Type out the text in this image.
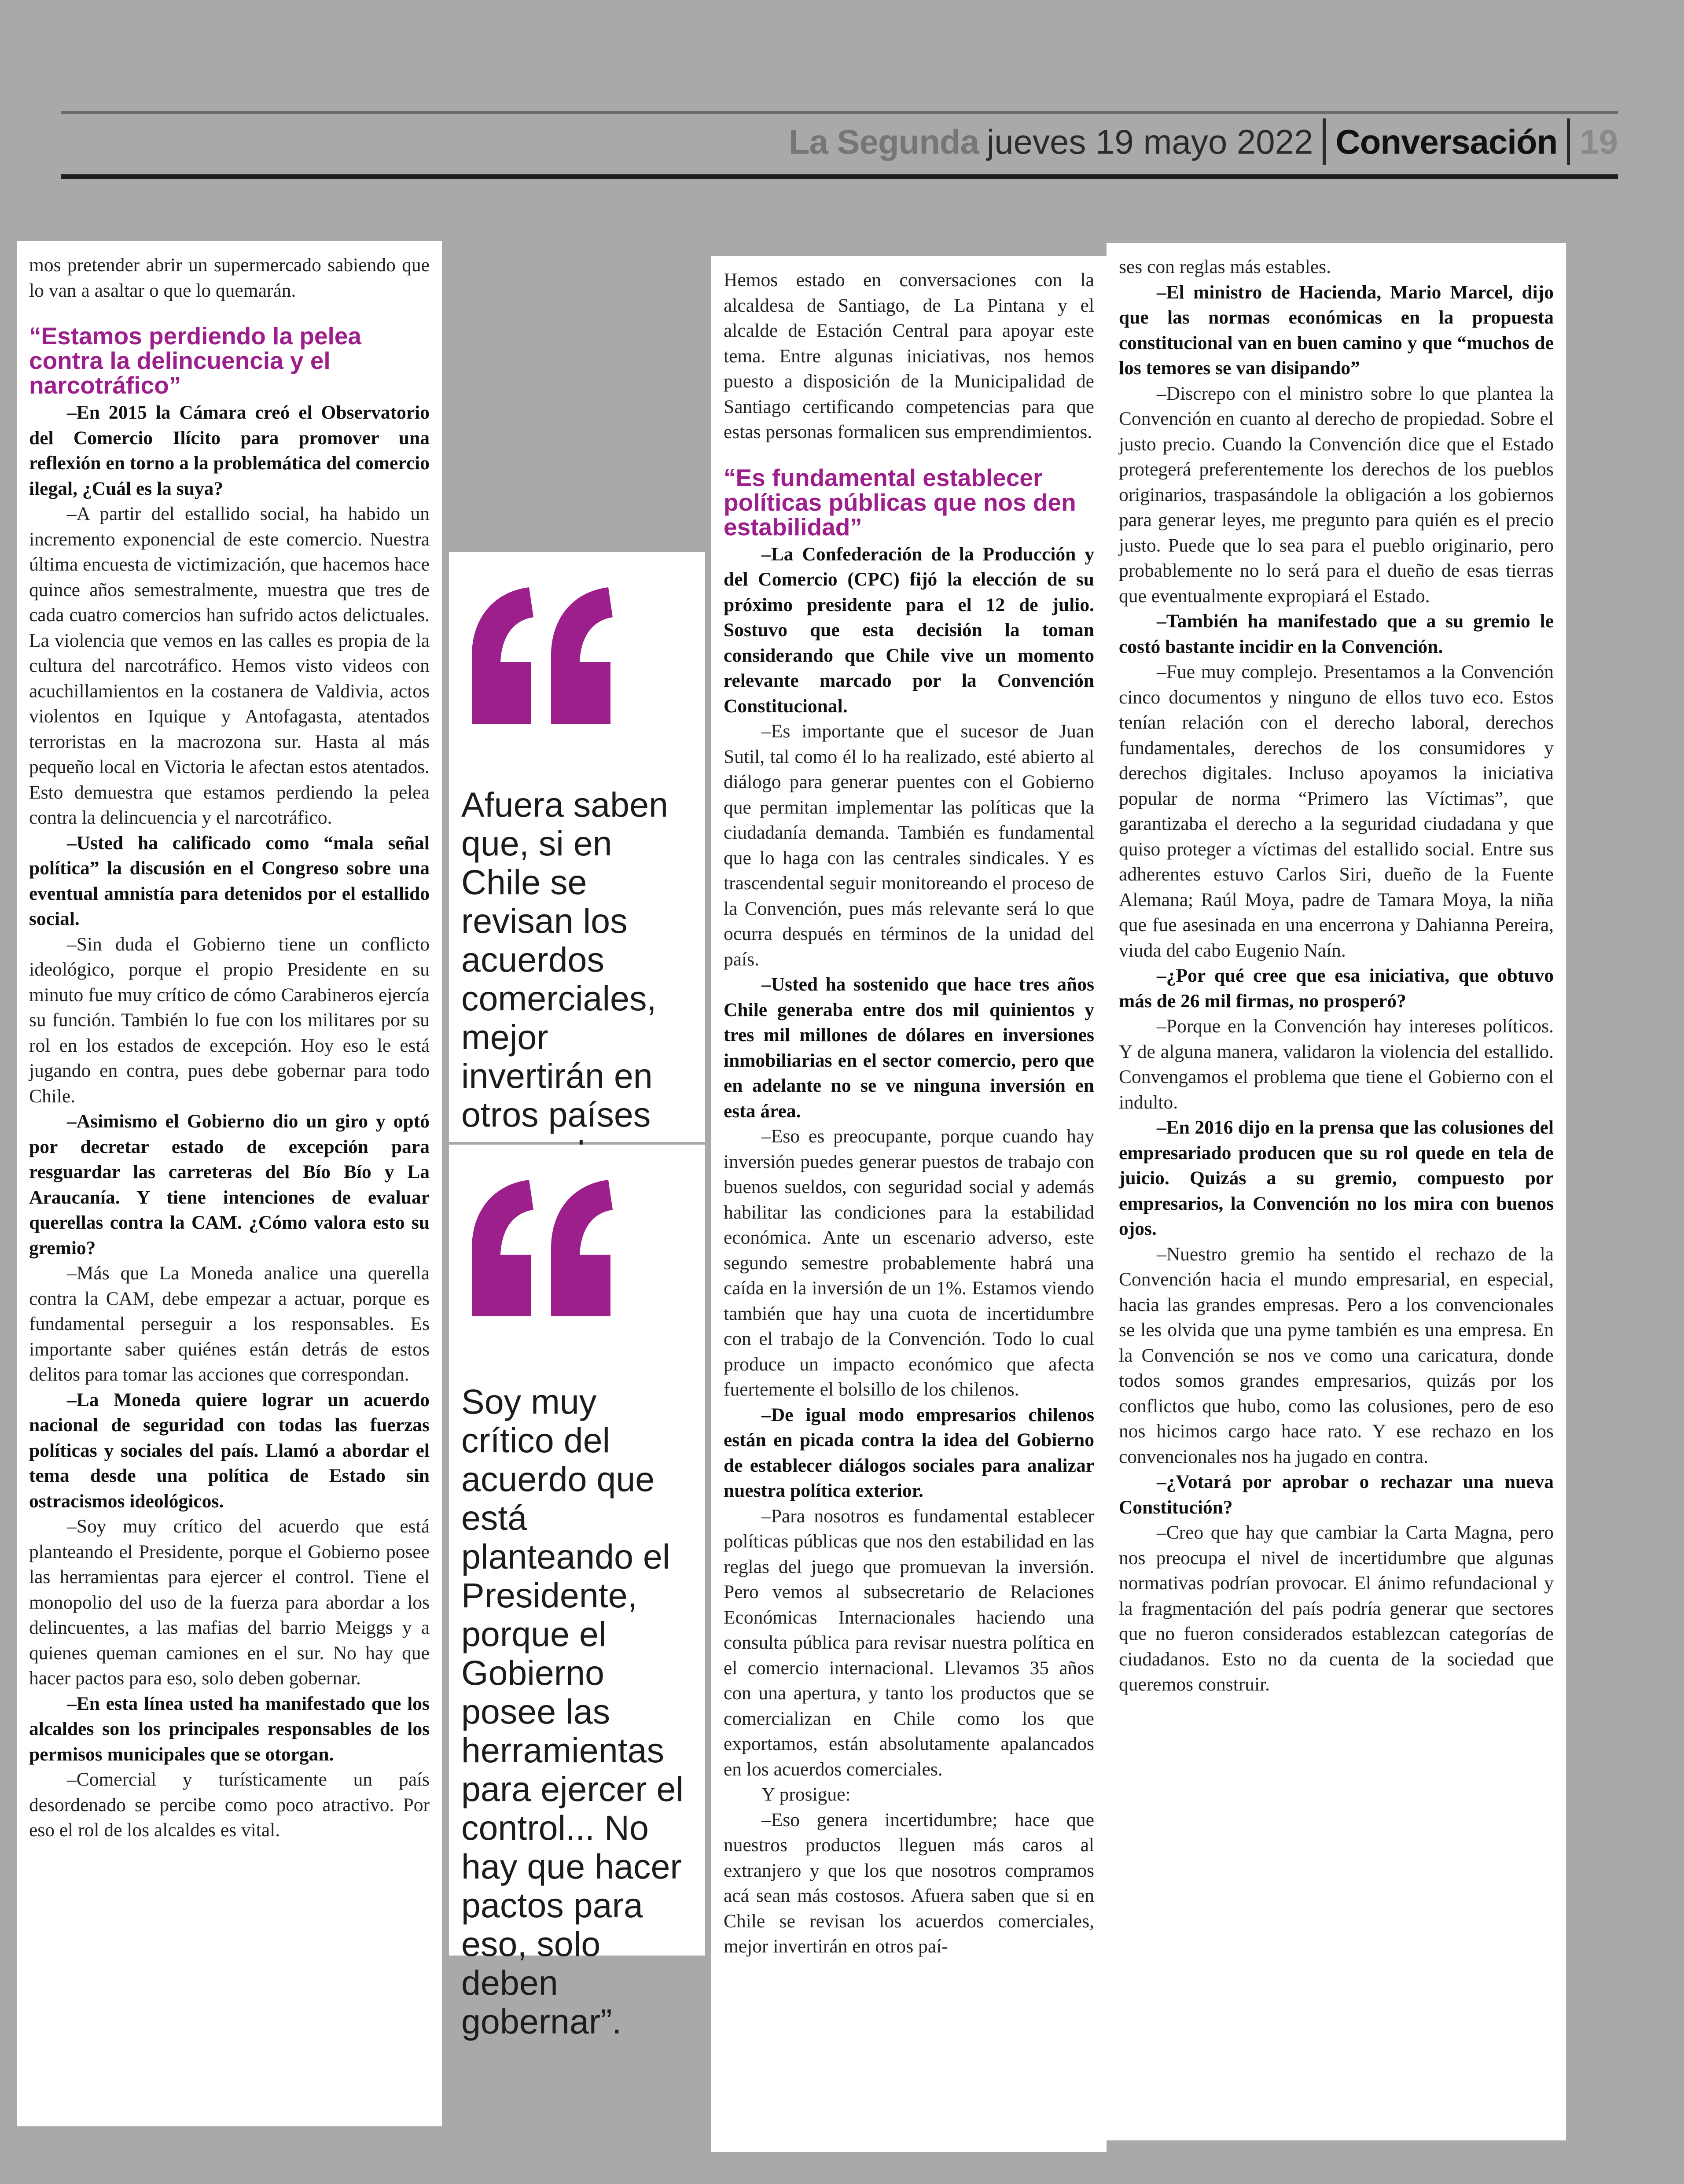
La Segunda jueves 19 mayo 2022 Conversación 19

mos pretender abrir un supermercado sabiendo que lo van a asaltar o que lo quemarán.

“Estamos perdiendo la pelea contra la delincuencia y el narcotráfico”

–En 2015 la Cámara creó el Observatorio del Comercio Ilícito para promover una reflexión en torno a la problemática del comercio ilegal, ¿Cuál es la suya?

–A partir del estallido social, ha habido un incremento exponencial de este comercio. Nuestra última encuesta de victimización, que hacemos hace quince años semestralmente, muestra que tres de cada cuatro comercios han sufrido actos delictuales. La violencia que vemos en las calles es propia de la cultura del narcotráfico. Hemos visto videos con acuchillamientos en la costanera de Valdivia, actos violentos en Iquique y Antofagasta, atentados terroristas en la macrozona sur. Hasta al más pequeño local en Victoria le afectan estos atentados. Esto demuestra que estamos perdiendo la pelea contra la delincuencia y el narcotráfico.

–Usted ha calificado como “mala señal política” la discusión en el Congreso sobre una eventual amnistía para detenidos por el estallido social.

–Sin duda el Gobierno tiene un conflicto ideológico, porque el propio Presidente en su minuto fue muy crítico de cómo Carabineros ejercía su función. También lo fue con los militares por su rol en los estados de excepción. Hoy eso le está jugando en contra, pues debe gobernar para todo Chile.

–Asimismo el Gobierno dio un giro y optó por decretar estado de excepción para resguardar las carreteras del Bío Bío y La Araucanía. Y tiene intenciones de evaluar querellas contra la CAM. ¿Cómo valora esto su gremio?

–Más que La Moneda analice una querella contra la CAM, debe empezar a actuar, porque es fundamental perseguir a los responsables. Es importante saber quiénes están detrás de estos delitos para tomar las acciones que correspondan.

–La Moneda quiere lograr un acuerdo nacional de seguridad con todas las fuerzas políticas y sociales del país. Llamó a abordar el tema desde una política de Estado sin ostracismos ideológicos.

–Soy muy crítico del acuerdo que está planteando el Presidente, porque el Gobierno posee las herramientas para ejercer el control. Tiene el monopolio del uso de la fuerza para abordar a los delincuentes, a las mafias del barrio Meiggs y a quienes queman camiones en el sur. No hay que hacer pactos para eso, solo deben gobernar.

–En esta línea usted ha manifestado que los alcaldes son los principales responsables de los permisos municipales que se otorgan.

–Comercial y turísticamente un país desordenado se percibe como poco atractivo. Por eso el rol de los alcaldes es vital.

Afuera saben que, si en Chile se revisan los acuerdos comerciales, mejor invertirán en otros países

Soy muy crítico del acuerdo que está planteando el Presidente, porque el Gobierno posee las herramientas para ejercer el control... No hay que hacer pactos para eso, solo deben gobernar”.

Hemos estado en conversaciones con la alcaldesa de Santiago, de La Pintana y el alcalde de Estación Central para apoyar este tema. Entre algunas iniciativas, nos hemos puesto a disposición de la Municipalidad de Santiago certificando competencias para que estas personas formalicen sus emprendimientos.

“Es fundamental establecer políticas públicas que nos den estabilidad”

–La Confederación de la Producción y del Comercio (CPC) fijó la elección de su próximo presidente para el 12 de julio. Sostuvo que esta decisión la toman considerando que Chile vive un momento relevante marcado por la Convención Constitucional.

–Es importante que el sucesor de Juan Sutil, tal como él lo ha realizado, esté abierto al diálogo para generar puentes con el Gobierno que permitan implementar las políticas que la ciudadanía demanda. También es fundamental que lo haga con las centrales sindicales. Y es trascendental seguir monitoreando el proceso de la Convención, pues más relevante será lo que ocurra después en términos de la unidad del país.

–Usted ha sostenido que hace tres años Chile generaba entre dos mil quinientos y tres mil millones de dólares en inversiones inmobiliarias en el sector comercio, pero que en adelante no se ve ninguna inversión en esta área.

–Eso es preocupante, porque cuando hay inversión puedes generar puestos de trabajo con buenos sueldos, con seguridad social y además habilitar las condiciones para la estabilidad económica. Ante un escenario adverso, este segundo semestre probablemente habrá una caída en la inversión de un 1%. Estamos viendo también que hay una cuota de incertidumbre con el trabajo de la Convención. Todo lo cual produce un impacto económico que afecta fuertemente el bolsillo de los chilenos.

–De igual modo empresarios chilenos están en picada contra la idea del Gobierno de establecer diálogos sociales para analizar nuestra política exterior.

–Para nosotros es fundamental establecer políticas públicas que nos den estabilidad en las reglas del juego que promuevan la inversión. Pero vemos al subsecretario de Relaciones Económicas Internacionales haciendo una consulta pública para revisar nuestra política en el comercio internacional. Llevamos 35 años con una apertura, y tanto los productos que se comercializan en Chile como los que exportamos, están absolutamente apalancados en los acuerdos comerciales.

Y prosigue:

–Eso genera incertidumbre; hace que nuestros productos lleguen más caros al extranjero y que los que nosotros compramos acá sean más costosos. Afuera saben que si en Chile se revisan los acuerdos comerciales, mejor invertirán en otros paí-

ses con reglas más estables.

–El ministro de Hacienda, Mario Marcel, dijo que las normas económicas en la propuesta constitucional van en buen camino y que “muchos de los temores se van disipando”

–Discrepo con el ministro sobre lo que plantea la Convención en cuanto al derecho de propiedad. Sobre el justo precio. Cuando la Convención dice que el Estado protegerá preferentemente los derechos de los pueblos originarios, traspasándole la obligación a los gobiernos para generar leyes, me pregunto para quién es el precio justo. Puede que lo sea para el pueblo originario, pero probablemente no lo será para el dueño de esas tierras que eventualmente expropiará el Estado.

–También ha manifestado que a su gremio le costó bastante incidir en la Convención.

–Fue muy complejo. Presentamos a la Convención cinco documentos y ninguno de ellos tuvo eco. Estos tenían relación con el derecho laboral, derechos fundamentales, derechos de los consumidores y derechos digitales. Incluso apoyamos la iniciativa popular de norma “Primero las Víctimas”, que garantizaba el derecho a la seguridad ciudadana y que quiso proteger a víctimas del estallido social. Entre sus adherentes estuvo Carlos Siri, dueño de la Fuente Alemana; Raúl Moya, padre de Tamara Moya, la niña que fue asesinada en una encerrona y Dahianna Pereira, viuda del cabo Eugenio Naín.

–¿Por qué cree que esa iniciativa, que obtuvo más de 26 mil firmas, no prosperó?

–Porque en la Convención hay intereses políticos. Y de alguna manera, validaron la violencia del estallido. Convengamos el problema que tiene el Gobierno con el indulto.

–En 2016 dijo en la prensa que las colusiones del empresariado producen que su rol quede en tela de juicio. Quizás a su gremio, compuesto por empresarios, la Convención no los mira con buenos ojos.

–Nuestro gremio ha sentido el rechazo de la Convención hacia el mundo empresarial, en especial, hacia las grandes empresas. Pero a los convencionales se les olvida que una pyme también es una empresa. En la Convención se nos ve como una caricatura, donde todos somos grandes empresarios, quizás por los conflictos que hubo, como las colusiones, pero de eso nos hicimos cargo hace rato. Y ese rechazo en los convencionales nos ha jugado en contra.

–¿Votará por aprobar o rechazar una nueva Constitución?

–Creo que hay que cambiar la Carta Magna, pero nos preocupa el nivel de incertidumbre que algunas normativas podrían provocar. El ánimo refundacional y la fragmentación del país podría generar que sectores que no fueron considerados establezcan categorías de ciudadanos. Esto no da cuenta de la sociedad que queremos construir.
